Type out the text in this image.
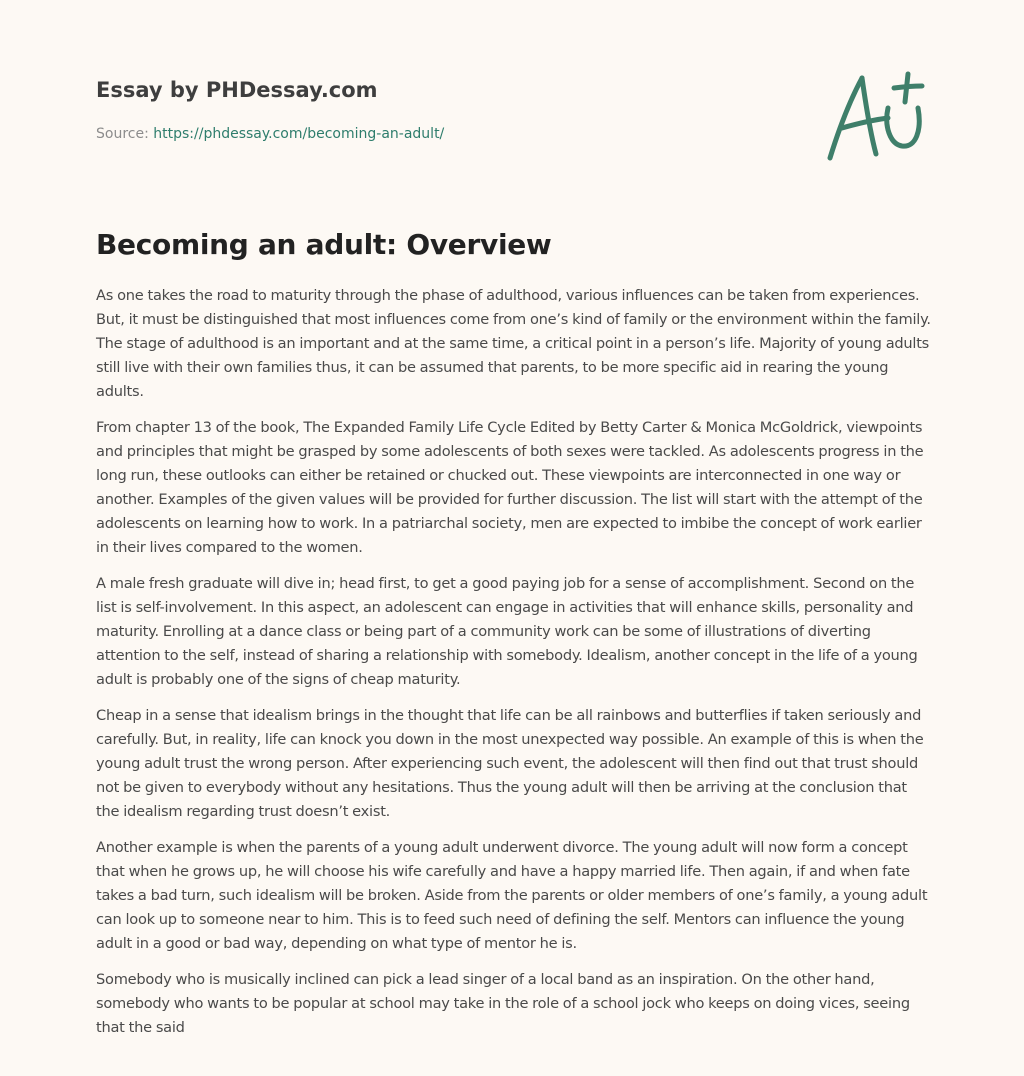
Essay by PHDessay.com
Source: https://phdessay.com/becoming-an-adult/
Becoming an adult: Overview

As one takes the road to maturity through the phase of adulthood, various influences can be taken from experiences. But, it must be distinguished that most influences come from one’s kind of family or the environment within the family. The stage of adulthood is an important and at the same time, a critical point in a person’s life. Majority of young adults still live with their own families thus, it can be assumed that parents, to be more specific aid in rearing the young adults.

From chapter 13 of the book, The Expanded Family Life Cycle Edited by Betty Carter & Monica McGoldrick, viewpoints and principles that might be grasped by some adolescents of both sexes were tackled. As adolescents progress in the long run, these outlooks can either be retained or chucked out. These viewpoints are interconnected in one way or another. Examples of the given values will be provided for further discussion. The list will start with the attempt of the adolescents on learning how to work. In a patriarchal society, men are expected to imbibe the concept of work earlier in their lives compared to the women.

A male fresh graduate will dive in; head first, to get a good paying job for a sense of accomplishment. Second on the list is self-involvement. In this aspect, an adolescent can engage in activities that will enhance skills, personality and maturity. Enrolling at a dance class or being part of a community work can be some of illustrations of diverting attention to the self, instead of sharing a relationship with somebody. Idealism, another concept in the life of a young adult is probably one of the signs of cheap maturity.

Cheap in a sense that idealism brings in the thought that life can be all rainbows and butterflies if taken seriously and carefully. But, in reality, life can knock you down in the most unexpected way possible. An example of this is when the young adult trust the wrong person. After experiencing such event, the adolescent will then find out that trust should not be given to everybody without any hesitations. Thus the young adult will then be arriving at the conclusion that the idealism regarding trust doesn’t exist.

Another example is when the parents of a young adult underwent divorce. The young adult will now form a concept that when he grows up, he will choose his wife carefully and have a happy married life. Then again, if and when fate takes a bad turn, such idealism will be broken. Aside from the parents or older members of one’s family, a young adult can look up to someone near to him. This is to feed such need of defining the self. Mentors can influence the young adult in a good or bad way, depending on what type of mentor he is.

Somebody who is musically inclined can pick a lead singer of a local band as an inspiration. On the other hand, somebody who wants to be popular at school may take in the role of a school jock who keeps on doing vices, seeing that the said
